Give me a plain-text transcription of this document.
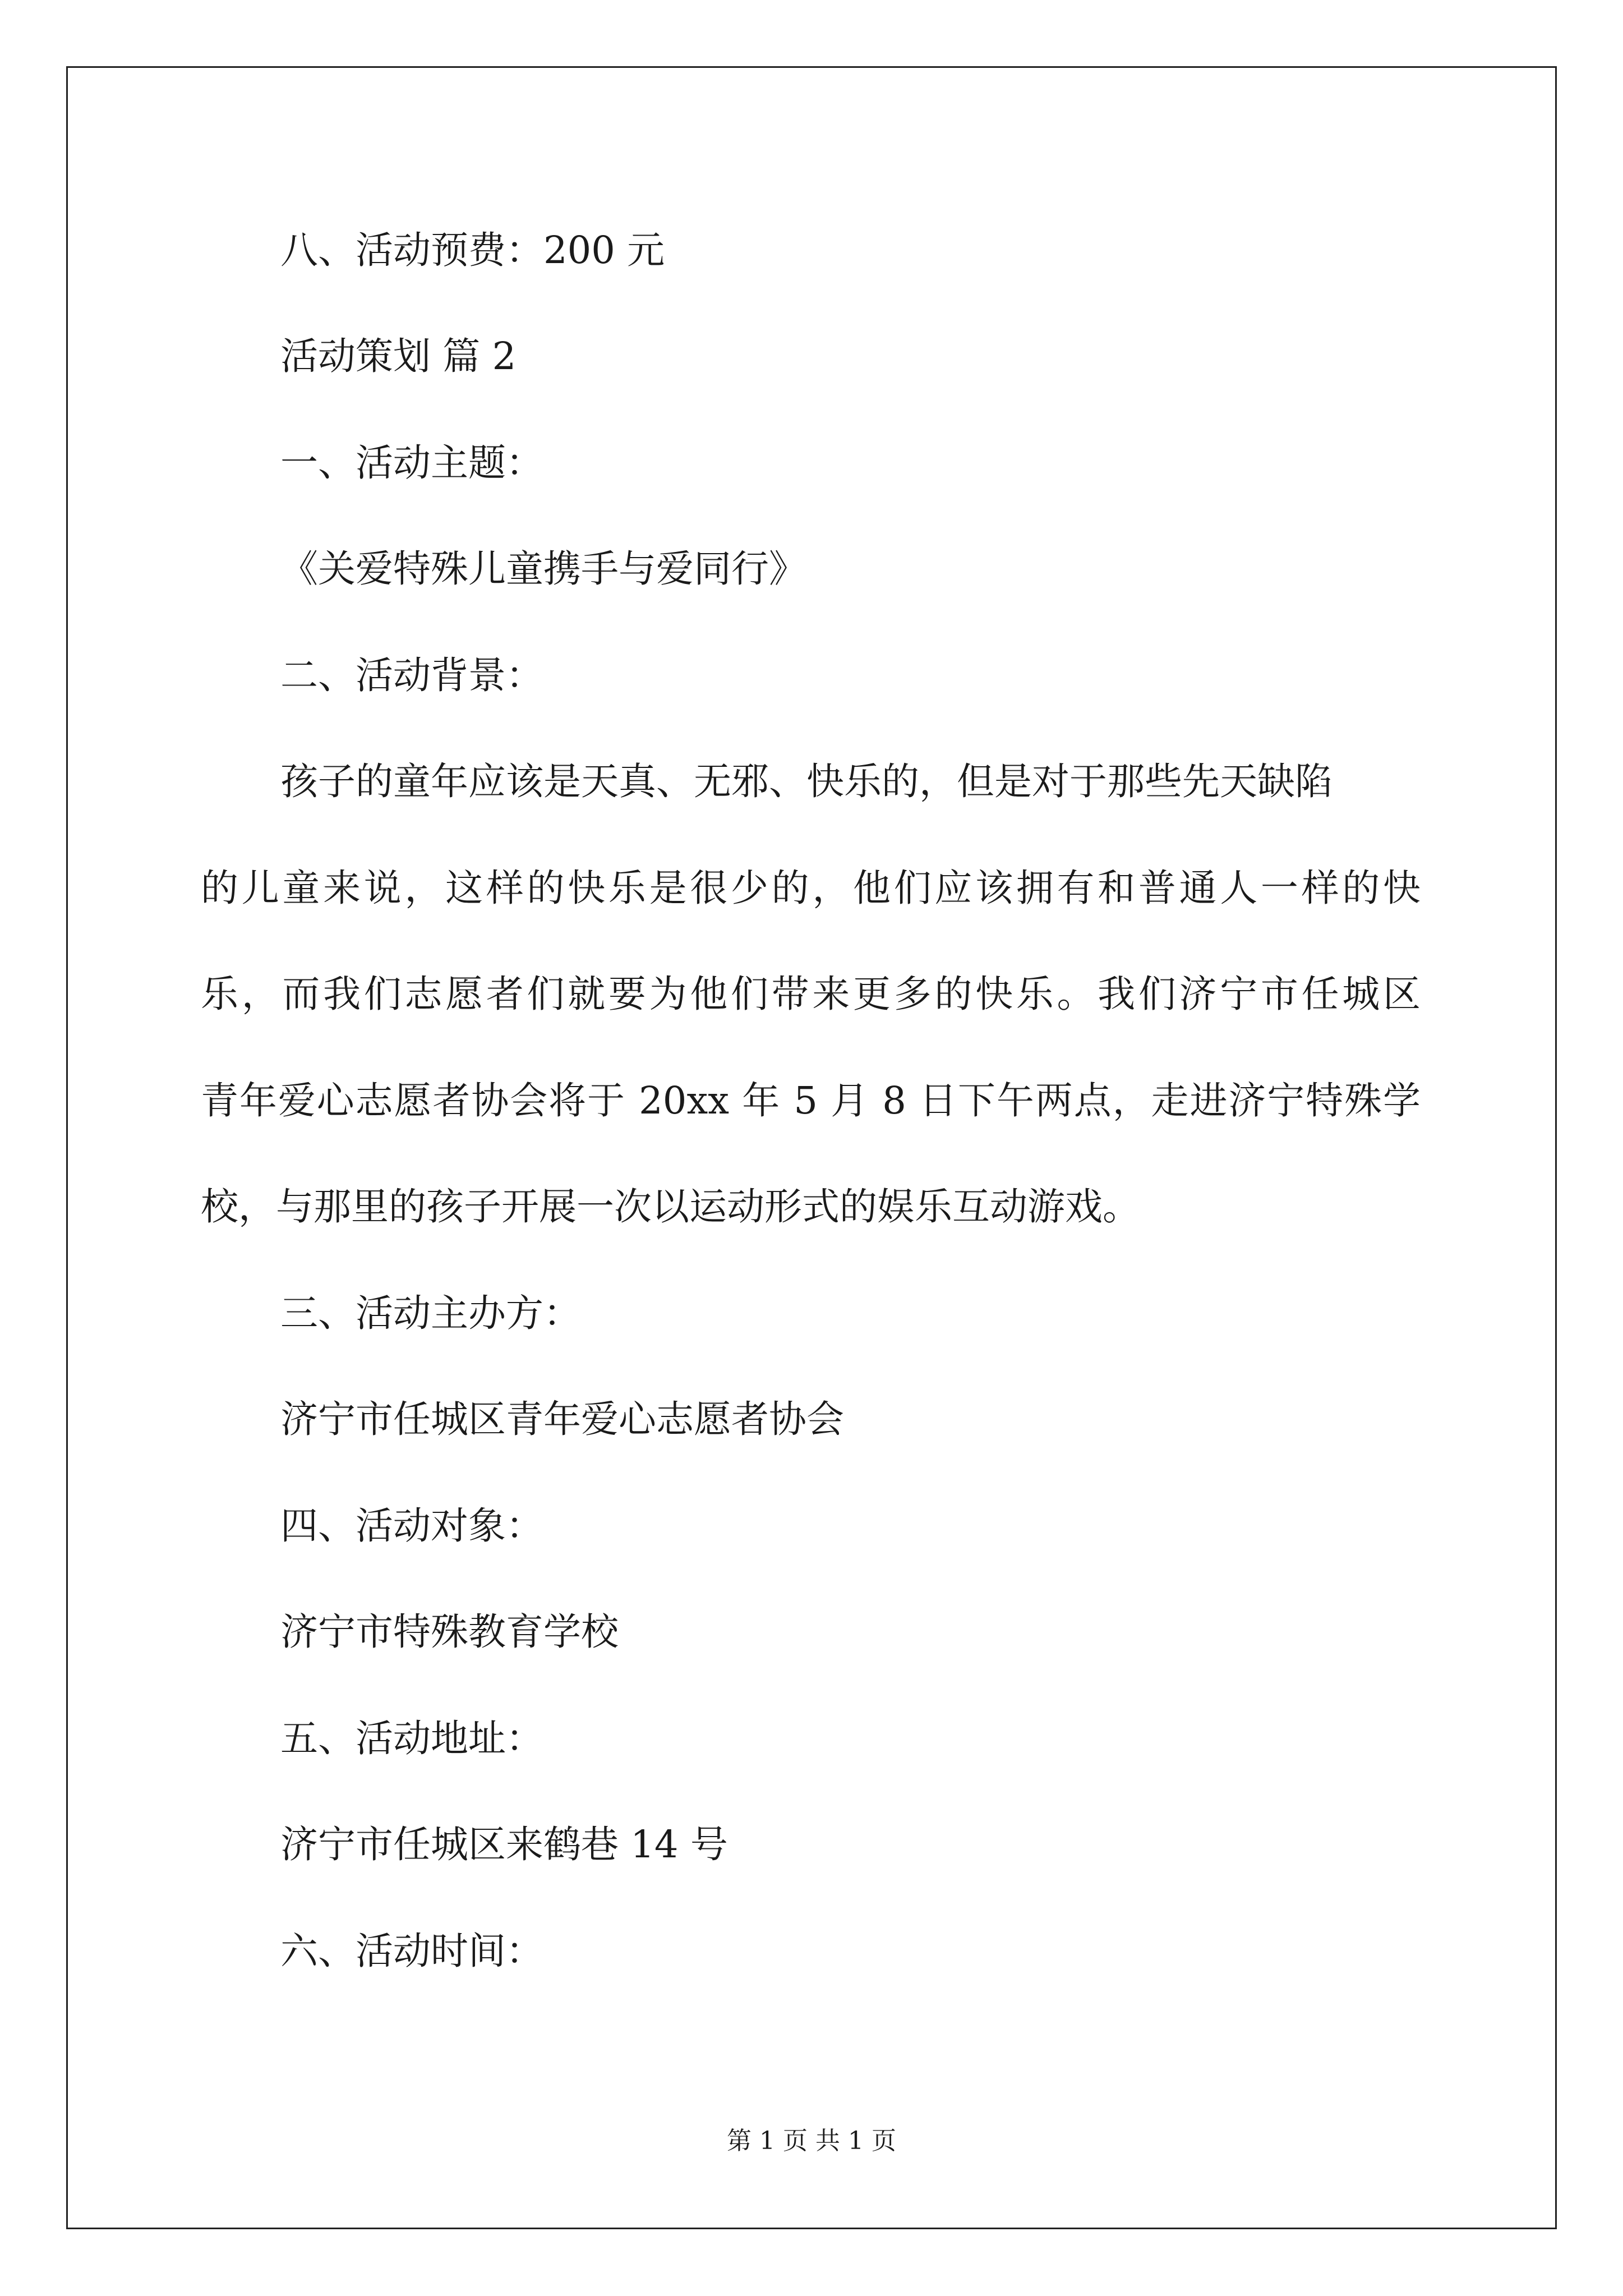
八、活动预费：200 元
活动策划 篇 2
一、活动主题：
《关爱特殊儿童携手与爱同行》
二、活动背景：
孩子的童年应该是天真、无邪、快乐的，但是对于那些先天缺陷
的儿童来说，这样的快乐是很少的，他们应该拥有和普通人一样的快
乐，而我们志愿者们就要为他们带来更多的快乐。我们济宁市任城区
青年爱心志愿者协会将于 20xx 年 5 月 8 日下午两点，走进济宁特殊学
校，与那里的孩子开展一次以运动形式的娱乐互动游戏。
三、活动主办方：
济宁市任城区青年爱心志愿者协会
四、活动对象：
济宁市特殊教育学校
五、活动地址：
济宁市任城区来鹤巷 14 号
六、活动时间：
第 1 页 共 1 页
